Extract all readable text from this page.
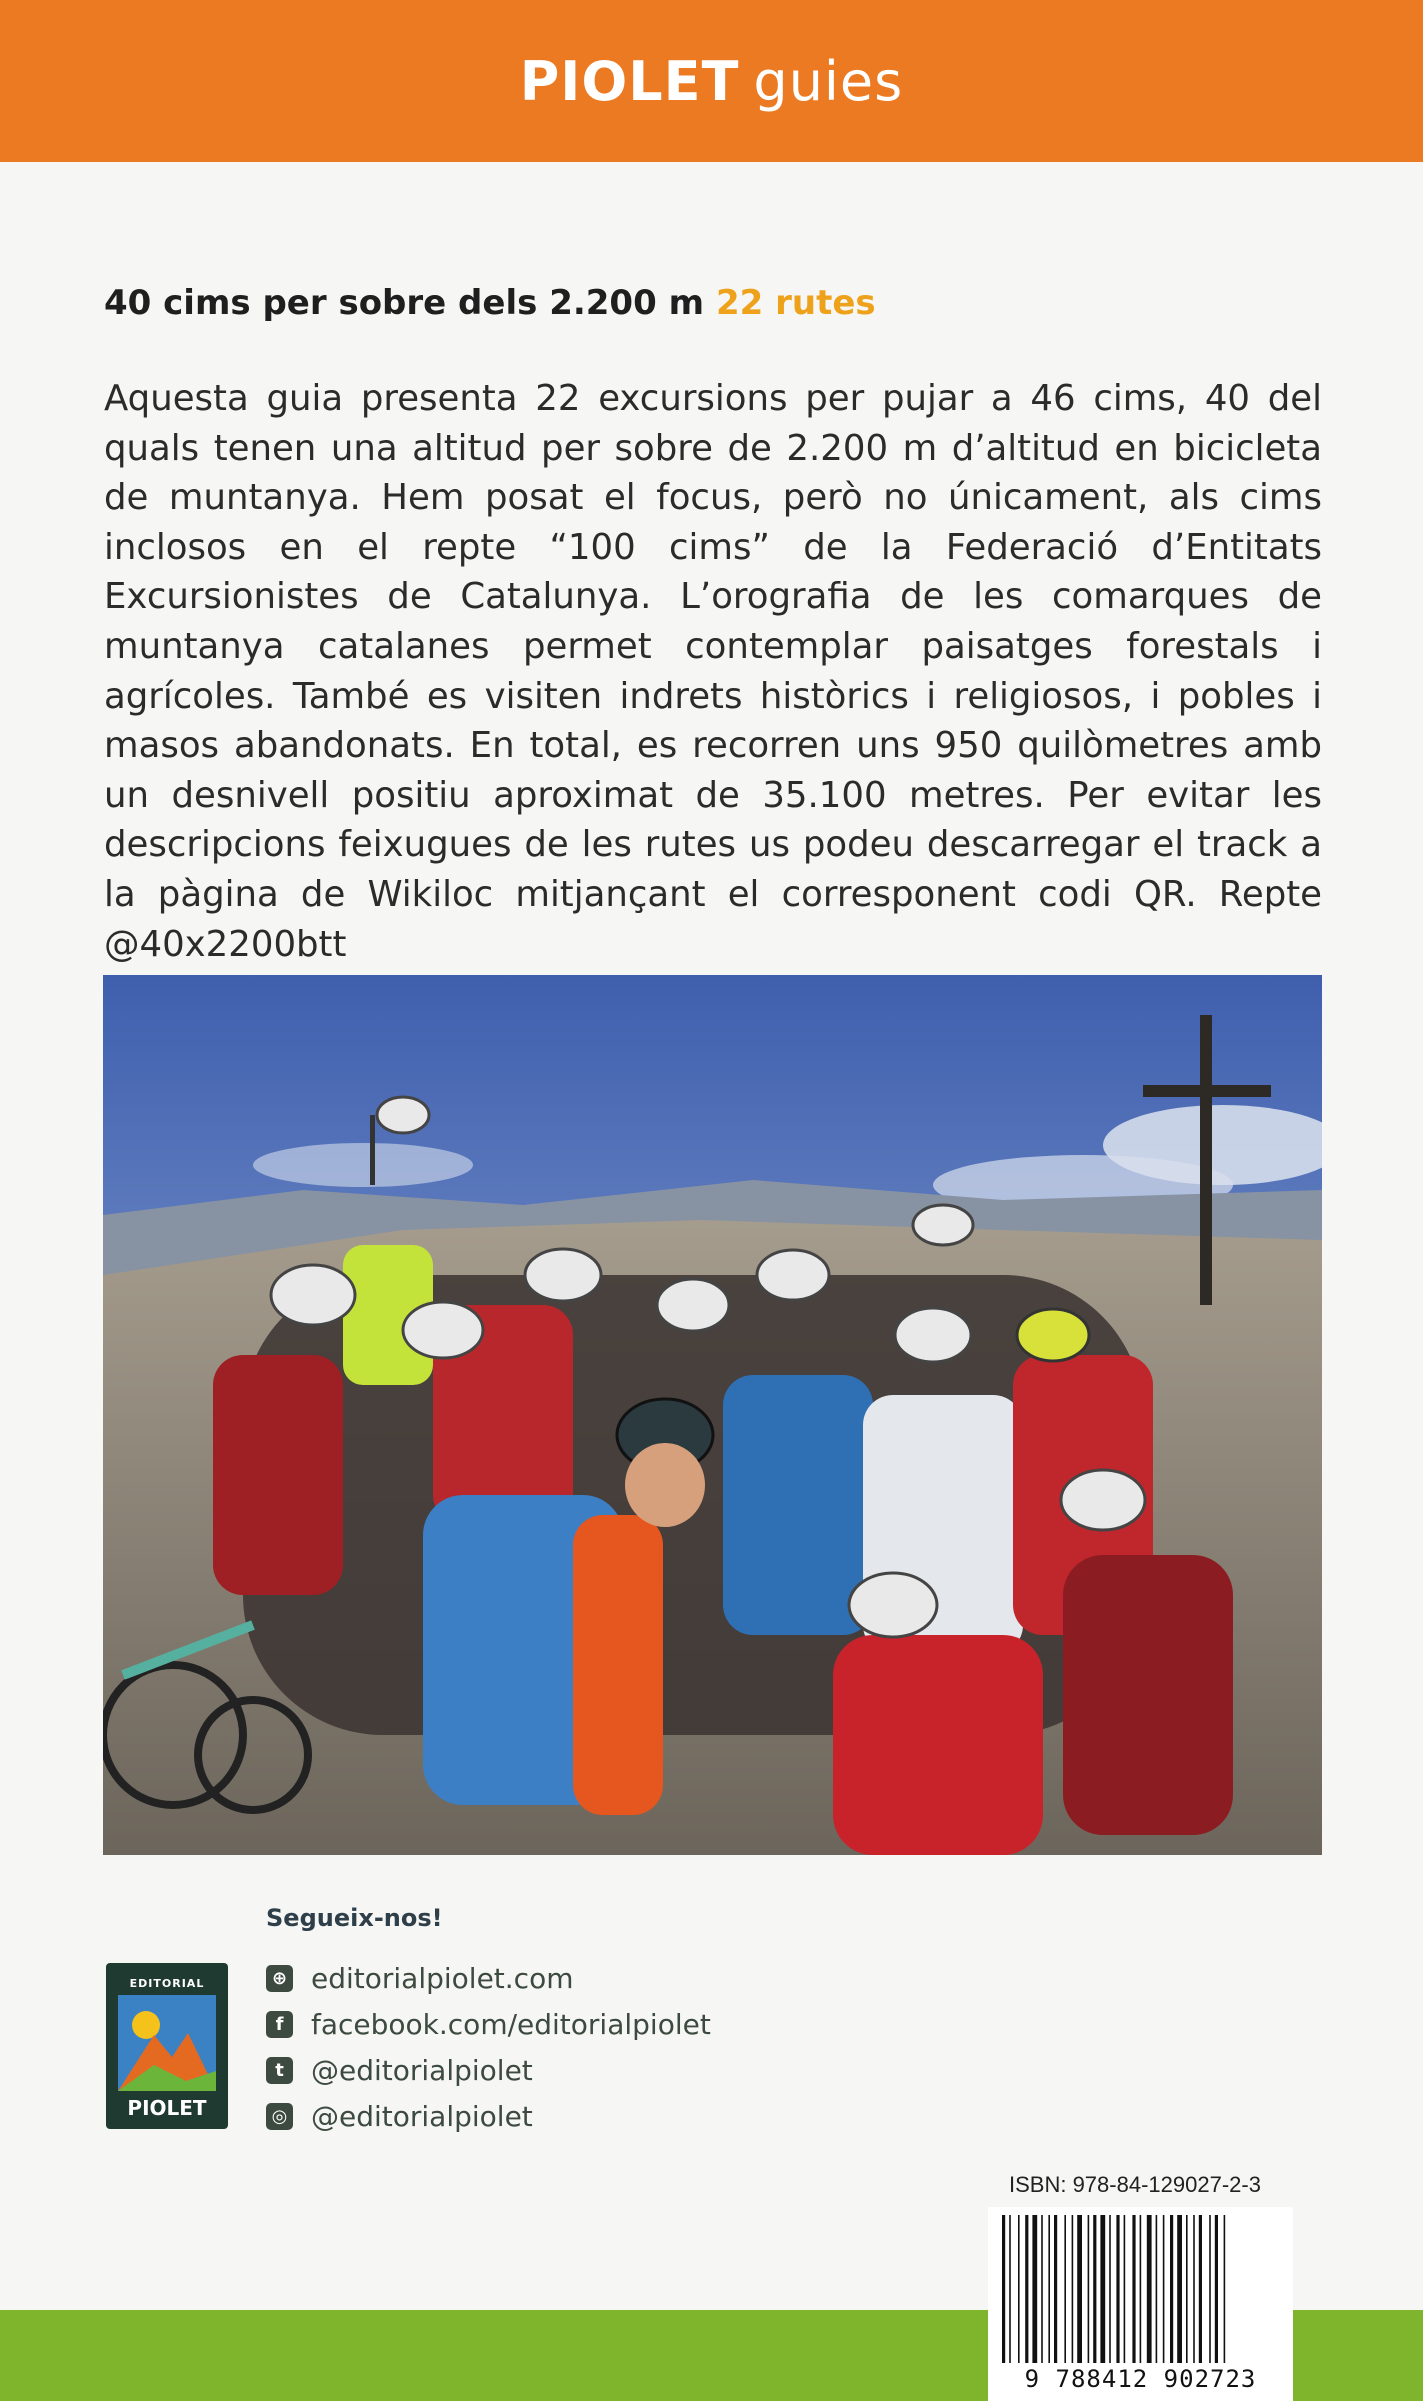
PIOLET guies
40 cims per sobre dels 2.200 m 22 rutes
Aquesta guia presenta 22 excursions per pujar a 46 cims, 40 del quals tenen una altitud per sobre de 2.200 m d’altitud en bicicleta de muntanya. Hem posat el focus, però no únicament, als cims inclosos en el repte “100 cims” de la Federació d’Entitats Excursionistes de Catalunya. L’orografia de les comarques de muntanya catalanes permet contemplar paisatges forestals i agrícoles. També es visiten indrets històrics i religiosos, i pobles i masos abandonats. En total, es recorren uns 950 quilòmetres amb un desnivell positiu aproximat de 35.100 metres. Per evitar les descripcions feixugues de les rutes us podeu descarregar el track a la pàgina de Wikiloc mitjançant el corresponent codi QR. Repte @40x2200btt
Segueix-nos!
EDITORIAL
PIOLET
⊕ editorialpiolet.com
f facebook.com/editorialpiolet
t @editorialpiolet
◎ @editorialpiolet
ISBN: 978-84-129027-2-3
9 788412 902723
